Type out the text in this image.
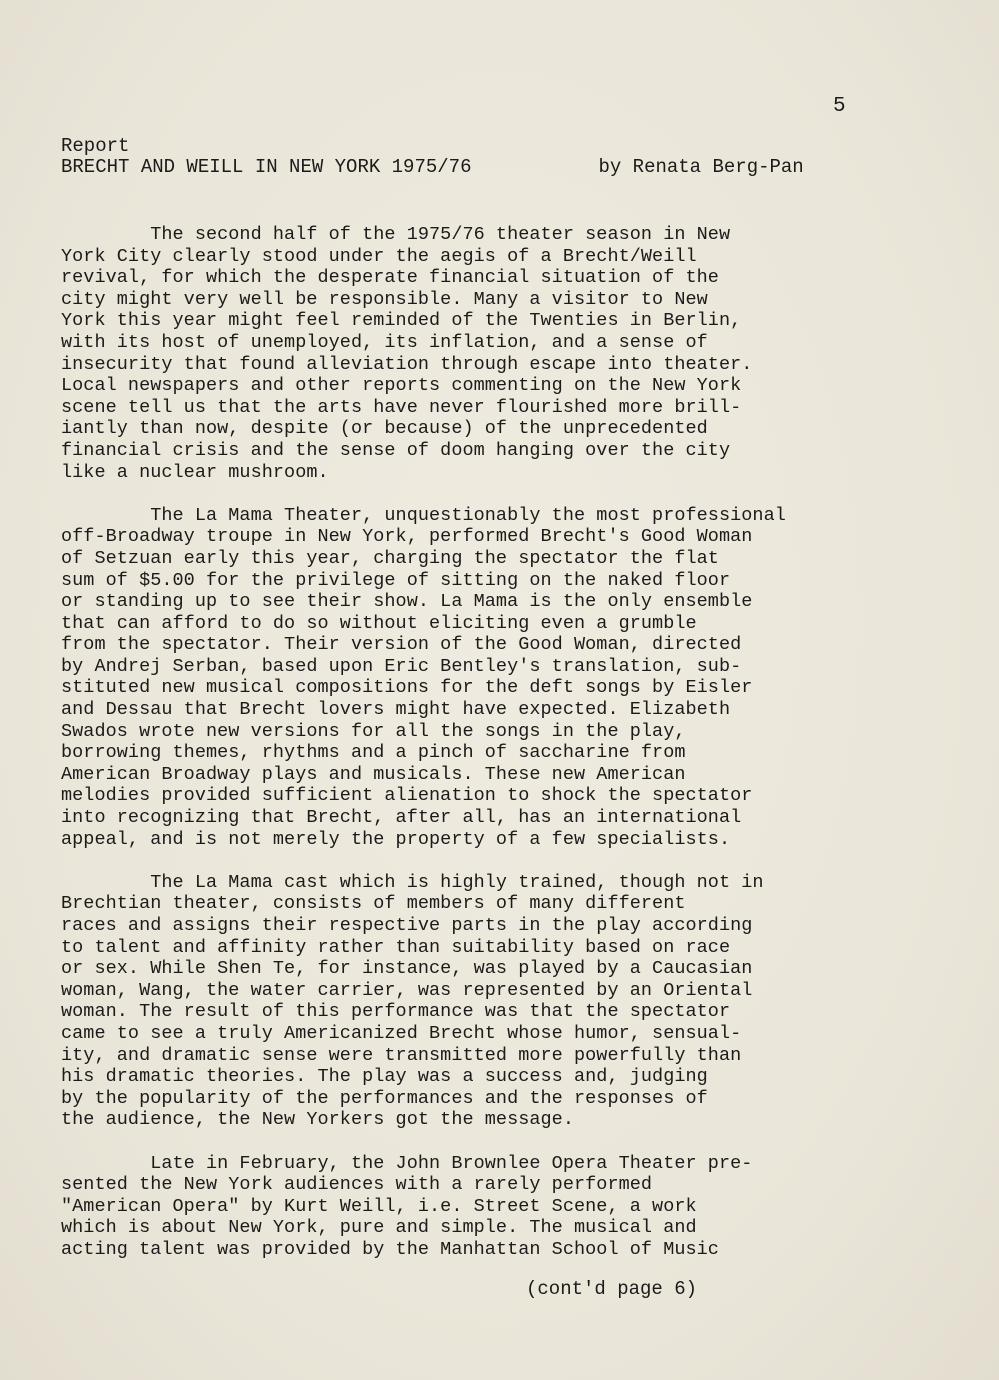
5
Report
BRECHT AND WEILL IN NEW YORK 1975/76	by Renata Berg-Pan

The second half of the 1975/76 theater season in New
York City clearly stood under the aegis of a Brecht/Weill
revival, for which the desperate financial situation of the
city might very well be responsible. Many a visitor to New
York this year might feel reminded of the Twenties in Berlin,
with its host of unemployed, its inflation, and a sense of
insecurity that found alleviation through escape into theater.
Local newspapers and other reports commenting on the New York
scene tell us that the arts have never flourished more brill-
iantly than now, despite (or because) of the unprecedented
financial crisis and the sense of doom hanging over the city
like a nuclear mushroom.

The La Mama Theater, unquestionably the most professional
off-Broadway troupe in New York, performed Brecht's Good Woman
of Setzuan early this year, charging the spectator the flat
sum of $5.00 for the privilege of sitting on the naked floor
or standing up to see their show. La Mama is the only ensemble
that can afford to do so without eliciting even a grumble
from the spectator. Their version of the Good Woman, directed
by Andrej Serban, based upon Eric Bentley's translation, sub-
stituted new musical compositions for the deft songs by Eisler
and Dessau that Brecht lovers might have expected. Elizabeth
Swados wrote new versions for all the songs in the play,
borrowing themes, rhythms and a pinch of saccharine from
American Broadway plays and musicals. These new American
melodies provided sufficient alienation to shock the spectator
into recognizing that Brecht, after all, has an international
appeal, and is not merely the property of a few specialists.

The La Mama cast which is highly trained, though not in
Brechtian theater, consists of members of many different
races and assigns their respective parts in the play according
to talent and affinity rather than suitability based on race
or sex. While Shen Te, for instance, was played by a Caucasian
woman, Wang, the water carrier, was represented by an Oriental
woman. The result of this performance was that the spectator
came to see a truly Americanized Brecht whose humor, sensual-
ity, and dramatic sense were transmitted more powerfully than
his dramatic theories. The play was a success and, judging
by the popularity of the performances and the responses of
the audience, the New Yorkers got the message.

Late in February, the John Brownlee Opera Theater pre-
sented the New York audiences with a rarely performed
"American Opera" by Kurt Weill, i.e. Street Scene, a work
which is about New York, pure and simple. The musical and
acting talent was provided by the Manhattan School of Music

(cont'd page 6)
